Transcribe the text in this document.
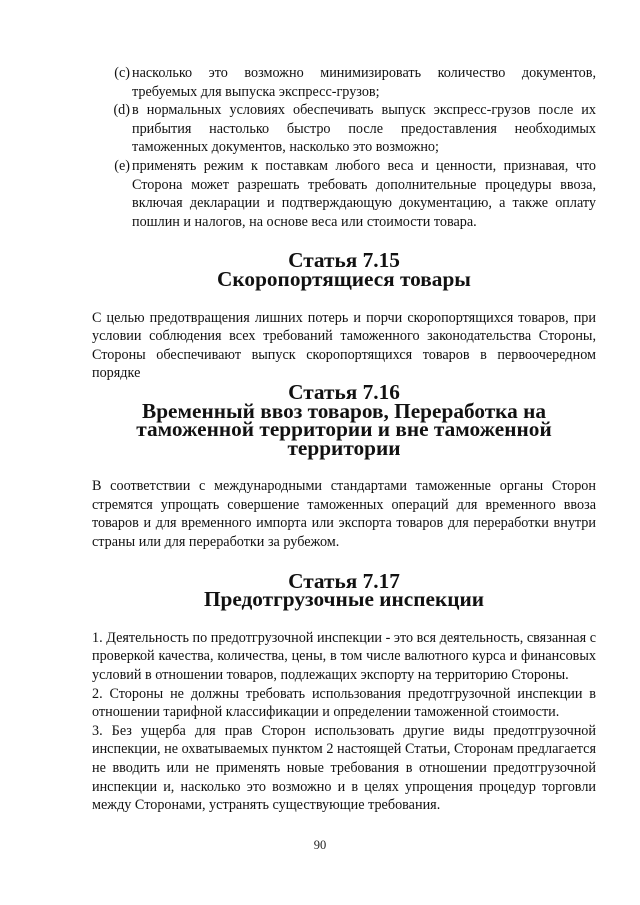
(c) насколько это возможно минимизировать количество документов, требуемых для выпуска экспресс-грузов;
(d) в нормальных условиях обеспечивать выпуск экспресс-грузов после их прибытия настолько быстро после предоставления необходимых таможенных документов, насколько это возможно;
(e) применять режим к поставкам любого веса и ценности, признавая, что Сторона может разрешать требовать дополнительные процедуры ввоза, включая декларации и подтверждающую документацию, а также оплату пошлин и налогов, на основе веса или стоимости товара.
Статья 7.15
Скоропортящиеся товары

С целью предотвращения лишних потерь и порчи скоропортящихся товаров, при условии соблюдения всех требований таможенного законодательства Стороны, Стороны обеспечивают выпуск скоропортящихся товаров в первоочередном порядке

Статья 7.16
Временный ввоз товаров, Переработка на таможенной территории и вне таможенной территории

В соответствии с международными стандартами таможенные органы Сторон стремятся упрощать совершение таможенных операций для временного ввоза товаров и для временного импорта или экспорта товаров для переработки внутри страны или для переработки за рубежом.

Статья 7.17
Предотгрузочные инспекции

1. Деятельность по предотгрузочной инспекции - это вся деятельность, связанная с проверкой качества, количества, цены, в том числе валютного курса и финансовых условий в отношении товаров, подлежащих экспорту на территорию Стороны.

2. Стороны не должны требовать использования предотгрузочной инспекции в отношении тарифной классификации и определении таможенной стоимости.

3. Без ущерба для прав Сторон использовать другие виды предотгрузочной инспекции, не охватываемых пунктом 2 настоящей Статьи, Сторонам предлагается не вводить или не применять новые требования в отношении предотгрузочной инспекции и, насколько это возможно и в целях упрощения процедур торговли между Сторонами, устранять существующие требования.

90
